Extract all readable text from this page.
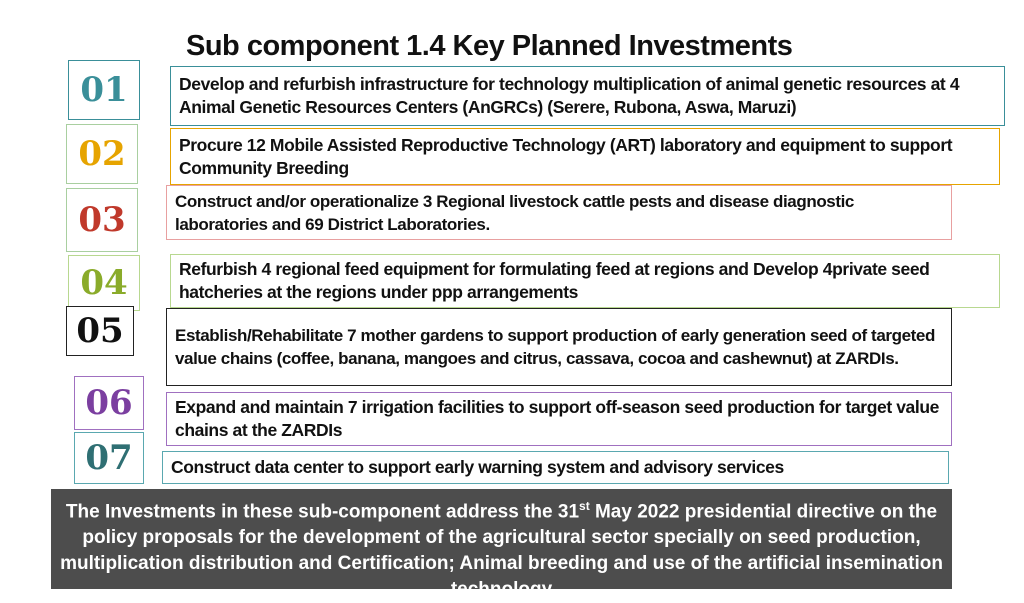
Sub component 1.4 Key Planned Investments
Develop and refurbish infrastructure for technology multiplication of animal genetic resources at 4 Animal Genetic Resources Centers (AnGRCs) (Serere, Rubona, Aswa, Maruzi)
01
Procure 12 Mobile Assisted Reproductive Technology (ART) laboratory and equipment to support Community Breeding
02
Construct and/or operationalize 3 Regional livestock cattle pests and disease diagnostic laboratories and 69 District Laboratories.
03
Refurbish 4 regional feed equipment for formulating feed at regions and Develop 4private seed hatcheries at the regions under ppp arrangements
04
Establish/Rehabilitate 7 mother gardens to support production of early generation seed of targeted value chains (coffee, banana, mangoes and citrus, cassava, cocoa and cashewnut) at ZARDIs.
05
Expand and maintain 7 irrigation facilities to support off-season seed production for target value chains at the ZARDIs
06
Construct data center to support early warning system and advisory services
07
The Investments in these sub-component address the 31st May 2022 presidential directive on the policy proposals for the development of the agricultural sector specially on seed production, multiplication distribution and Certification; Animal breeding and use of the artificial insemination technology
